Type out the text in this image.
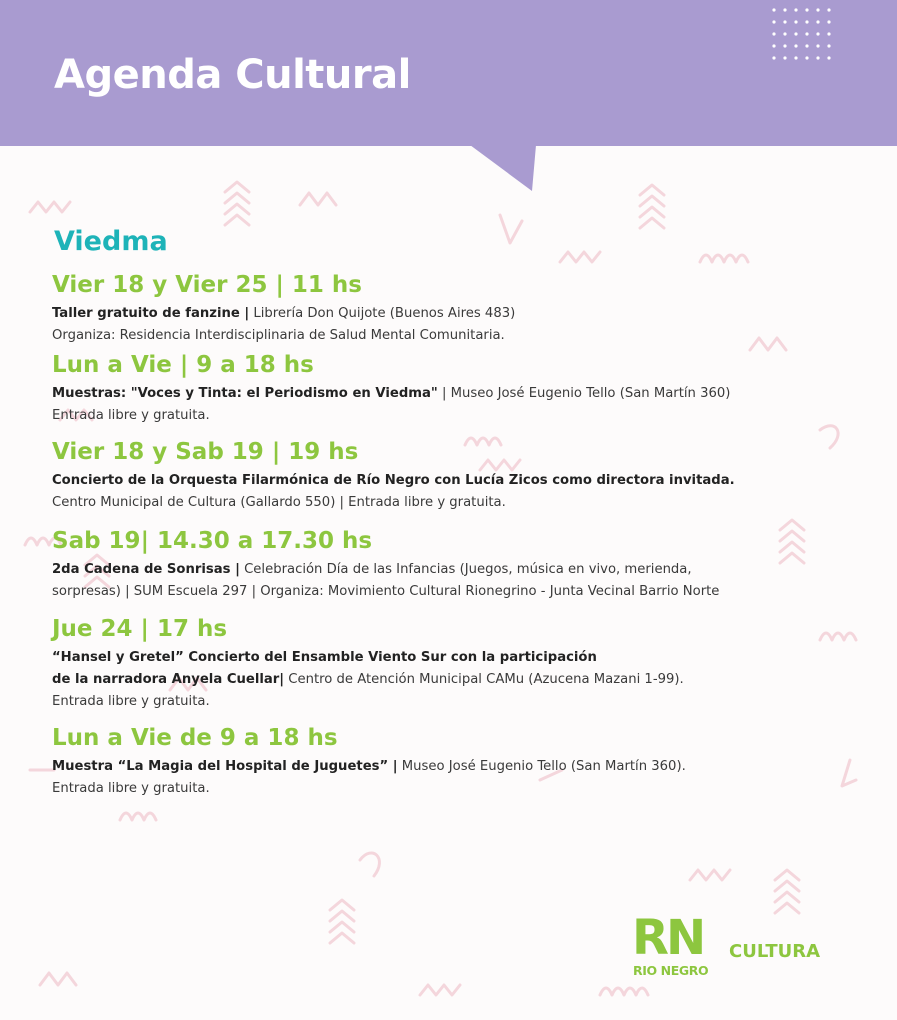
Agenda Cultural
Viedma
Vier 18 y Vier 25 | 11 hs

Taller gratuito de fanzine | Librería Don Quijote (Buenos Aires 483)
Organiza: Residencia Interdisciplinaria de Salud Mental Comunitaria.

Lun a Vie | 9 a 18 hs

Muestras: "Voces y Tinta: el Periodismo en Viedma" | Museo José Eugenio Tello (San Martín 360)
Entrada libre y gratuita.

Vier 18 y Sab 19 | 19 hs

Concierto de la Orquesta Filarmónica de Río Negro con Lucía Zicos como directora invitada.
Centro Municipal de Cultura (Gallardo 550) | Entrada libre y gratuita.

Sab 19| 14.30 a 17.30 hs

2da Cadena de Sonrisas | Celebración Día de las Infancias (Juegos, música en vivo, merienda,
sorpresas) | SUM Escuela 297 | Organiza: Movimiento Cultural Rionegrino - Junta Vecinal Barrio Norte

Jue 24 | 17 hs

“Hansel y Gretel” Concierto del Ensamble Viento Sur con la participación
de la narradora Anyela Cuellar| Centro de Atención Municipal CAMu (Azucena Mazani 1-99).
Entrada libre y gratuita.

Lun a Vie de 9 a 18 hs

Muestra “La Magia del Hospital de Juguetes” | Museo José Eugenio Tello (San Martín 360).
Entrada libre y gratuita.

RN
RIO NEGRO
CULTURA
